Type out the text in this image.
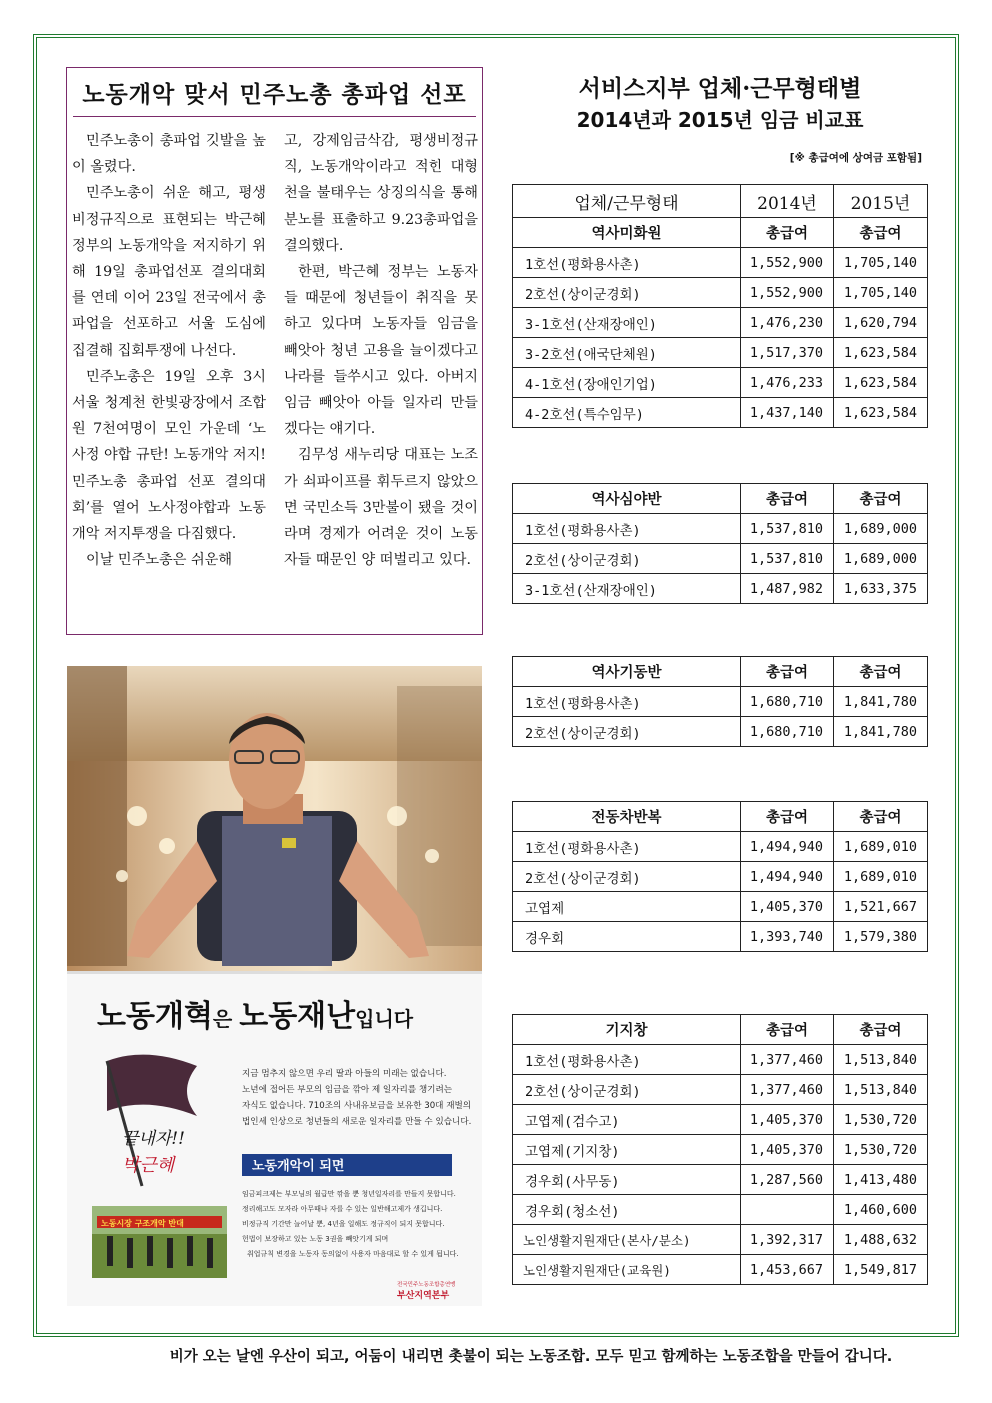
노동개악 맞서 민주노총 총파업 선포

민주노총이 총파업 깃발을 높이 올렸다.

민주노총이 쉬운 해고, 평생 비정규직으로 표현되는 박근혜 정부의 노동개악을 저지하기 위해 19일 총파업선포 결의대회를 연데 이어 23일 전국에서 총파업을 선포하고 서울 도심에 집결해 집회투쟁에 나선다.

민주노총은 19일 오후 3시 서울 청계천 한빛광장에서 조합원 7천여명이 모인 가운데 ‘노사정 야합 규탄! 노동개악 저지! 민주노총 총파업 선포 결의대회’를 열어 노사정야합과 노동개악 저지투쟁을 다짐했다.

이날 민주노총은 쉬운해

고, 강제임금삭감, 평생비정규직, 노동개악이라고 적힌 대형 천을 불태우는 상징의식을 통해 분노를 표출하고 9.23총파업을 결의했다.

한편, 박근혜 정부는 노동자들 때문에 청년들이 취직을 못하고 있다며 노동자들 임금을 빼앗아 청년 고용을 늘이겠다고 나라를 들쑤시고 있다. 아버지 임금 빼앗아 아들 일자리 만들겠다는 얘기다.

김무성 새누리당 대표는 노조가 쇠파이프를 휘두르지 않았으면 국민소득 3만불이 됐을 것이라며 경제가 어려운 것이 노동자들 때문인 양 떠벌리고 있다.

노동개혁은 노동재난입니다
지금 멈추지 않으면 우리 딸과 아들의 미래는 없습니다.
노년에 접어든 부모의 임금을 깎아 제 일자리를 챙기려는
자식도 없습니다. 710조의 사내유보금을 보유한 30대 재벌의
법인세 인상으로 청년들의 새로운 일자리를 만들 수 있습니다.
노동개악이 되면
임금피크제는 부모님의 월급만 깎을 뿐 청년일자리를 만들지 못합니다.
정리해고도 모자라 아무때나 자를 수 있는 일반해고제가 생깁니다.
비정규직 기간만 늘어날 뿐, 4년을 일해도 정규직이 되지 못합니다.
헌법이 보장하고 있는 노동 3권을 빼앗기게 되며
취업규칙 변경을 노동자 동의없이 사용자 마음대로 할 수 있게 됩니다.
끝내자!!
박근혜
노동시장 구조개악 반대
전국민주노동조합총연맹
부산지역본부
서비스지부 업체·근무형태별
2014년과 2015년 임금 비교표
[※ 총급여에 상여금 포함됨]
업체/근무형태	2014년	2015년
역사미화원	총급여	총급여
1호선(평화용사촌)	1,552,900	1,705,140
2호선(상이군경회)	1,552,900	1,705,140
3-1호선(산재장애인)	1,476,230	1,620,794
3-2호선(애국단체원)	1,517,370	1,623,584
4-1호선(장애인기업)	1,476,233	1,623,584
4-2호선(특수임무)	1,437,140	1,623,584
역사심야반	총급여	총급여
1호선(평화용사촌)	1,537,810	1,689,000
2호선(상이군경회)	1,537,810	1,689,000
3-1호선(산재장애인)	1,487,982	1,633,375
역사기동반	총급여	총급여
1호선(평화용사촌)	1,680,710	1,841,780
2호선(상이군경회)	1,680,710	1,841,780
전동차반복	총급여	총급여
1호선(평화용사촌)	1,494,940	1,689,010
2호선(상이군경회)	1,494,940	1,689,010
고엽제	1,405,370	1,521,667
경우회	1,393,740	1,579,380
기지창	총급여	총급여
1호선(평화용사촌)	1,377,460	1,513,840
2호선(상이군경회)	1,377,460	1,513,840
고엽제(검수고)	1,405,370	1,530,720
고엽제(기지창)	1,405,370	1,530,720
경우회(사무동)	1,287,560	1,413,480
경우회(청소선)		1,460,600
노인생활지원재단(본사/분소)	1,392,317	1,488,632
노인생활지원재단(교육원)	1,453,667	1,549,817
비가 오는 날엔 우산이 되고, 어둠이 내리면 촛불이 되는 노동조합. 모두 믿고 함께하는 노동조합을 만들어 갑니다.
